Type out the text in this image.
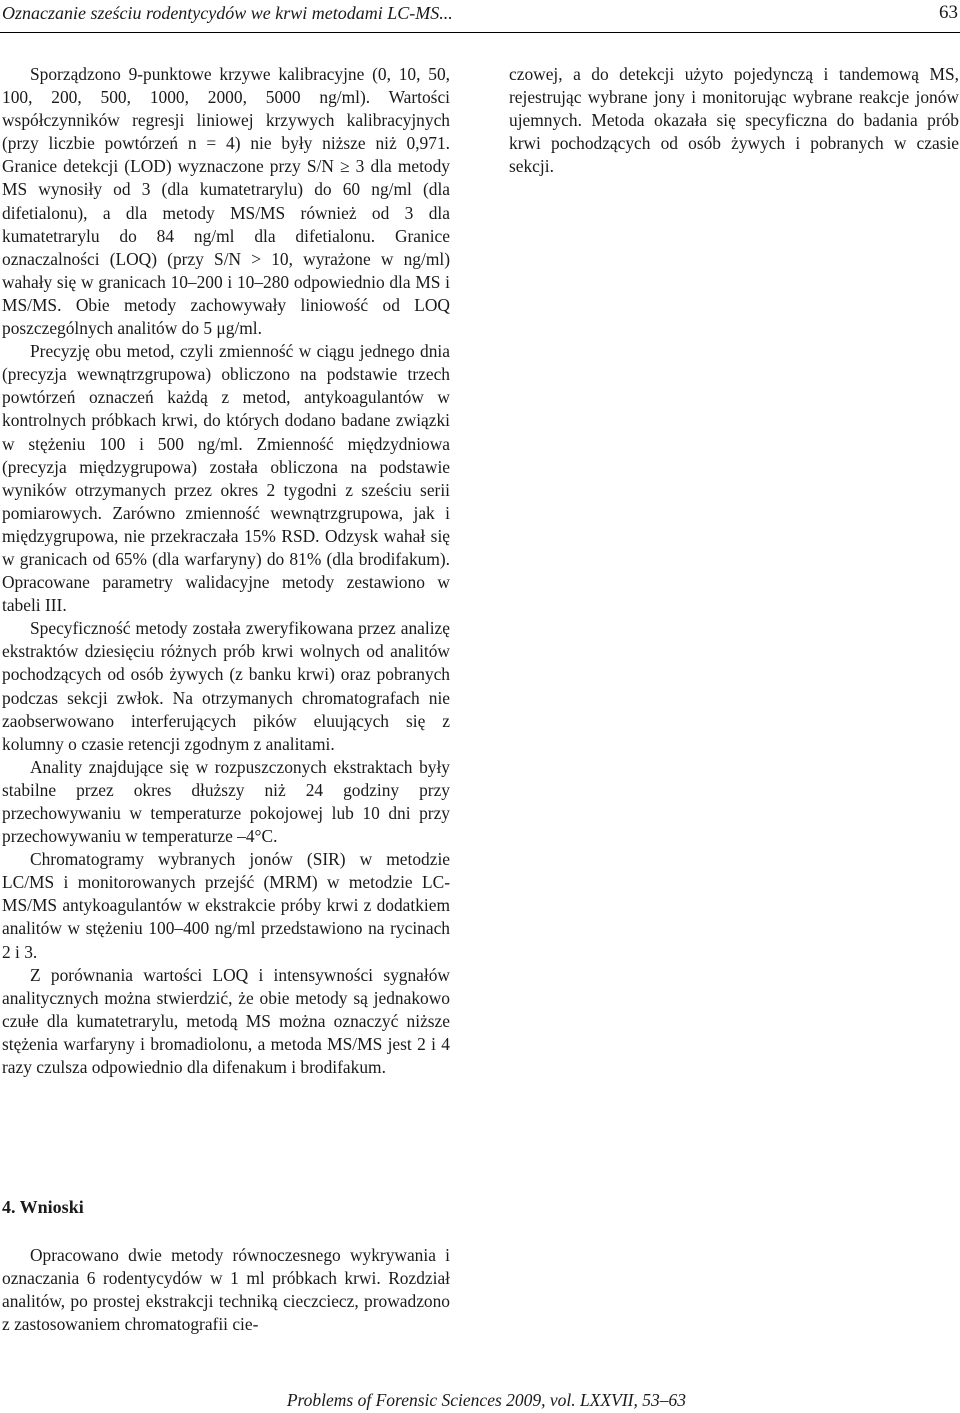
Oznaczanie sześciu rodentycydów we krwi metodami LC-MS...	63

Sporządzono 9-punktowe krzywe kalibracyjne (0, 10, 50, 100, 200, 500, 1000, 2000, 5000 ng/ml). Wartości współczynników regresji liniowej krzywych kalibracyjnych (przy liczbie powtórzeń n = 4) nie były niższe niż 0,971. Granice detekcji (LOD) wyznaczone przy S/N ≥ 3 dla metody MS wynosiły od 3 (dla kumatetrarylu) do 60 ng/ml (dla difetialonu), a dla metody MS/MS również od 3 dla kumatetrarylu do 84 ng/ml dla difetialonu. Granice oznaczalności (LOQ) (przy S/N > 10, wyrażone w ng/ml) wahały się w granicach 10–200 i 10–280 odpowiednio dla MS i MS/MS. Obie metody zachowywały liniowość od LOQ poszczególnych analitów do 5 μg/ml.

Precyzję obu metod, czyli zmienność w ciągu jednego dnia (precyzja wewnątrzgrupowa) obliczono na podstawie trzech powtórzeń oznaczeń każdą z metod, antykoagulantów w kontrolnych próbkach krwi, do których dodano badane związki w stężeniu 100 i 500 ng/ml. Zmienność międzydniowa (precyzja międzygrupowa) została obliczona na podstawie wyników otrzymanych przez okres 2 tygodni z sześciu serii pomiarowych. Zarówno zmienność wewnątrzgrupowa, jak i międzygrupowa, nie przekraczała 15% RSD. Odzysk wahał się w granicach od 65% (dla warfaryny) do 81% (dla brodifakum). Opracowane parametry walidacyjne metody zestawiono w tabeli III.

Specyficzność metody została zweryfikowana przez analizę ekstraktów dziesięciu różnych prób krwi wolnych od analitów pochodzących od osób żywych (z banku krwi) oraz pobranych podczas sekcji zwłok. Na otrzymanych chromatografach nie zaobserwowano interferujących pików eluujących się z kolumny o czasie retencji zgodnym z analitami.

Anality znajdujące się w rozpuszczonych ekstraktach były stabilne przez okres dłuższy niż 24 godziny przy przechowywaniu w temperaturze pokojowej lub 10 dni przy przechowywaniu w temperaturze –4°C.

Chromatogramy wybranych jonów (SIR) w metodzie LC/MS i monitorowanych przejść (MRM) w metodzie LC-MS/MS antykoagulantów w ekstrakcie próby krwi z dodatkiem analitów w stężeniu 100–400 ng/ml przedstawiono na rycinach 2 i 3.

Z porównania wartości LOQ i intensywności sygnałów analitycznych można stwierdzić, że obie metody są jednakowo czułe dla kumatetrarylu, metodą MS można oznaczyć niższe stężenia warfaryny i bromadiolonu, a metoda MS/MS jest 2 i 4 razy czulsza odpowiednio dla difenakum i brodifakum.

czowej, a do detekcji użyto pojedynczą i tandemową MS, rejestrując wybrane jony i monitorując wybrane reakcje jonów ujemnych. Metoda okazała się specyficzna do badania prób krwi pochodzących od osób żywych i pobranych w czasie sekcji.

4. Wnioski

Opracowano dwie metody równoczesnego wykrywania i oznaczania 6 rodentycydów w 1 ml próbkach krwi. Rozdział analitów, po prostej ekstrakcji techniką cieczciecz, prowadzono z zastosowaniem chromatografii cie-

Problems of Forensic Sciences 2009, vol. LXXVII, 53–63
